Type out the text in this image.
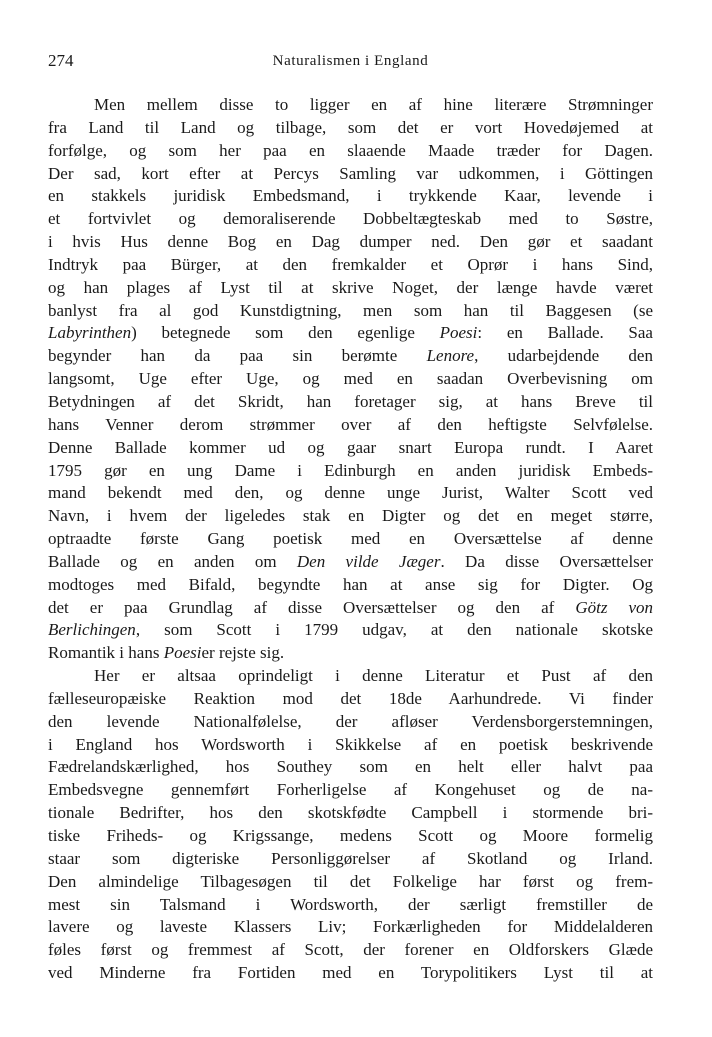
274	Naturalismen i England
Men mellem disse to ligger en af hine literære Strømninger
fra Land til Land og tilbage, som det er vort Hovedøjemed at
forfølge, og som her paa en slaaende Maade træder for Dagen.
Der sad, kort efter at Percys Samling var udkommen, i Göttingen
en stakkels juridisk Embedsmand, i trykkende Kaar, levende i
et fortvivlet og demoraliserende Dobbeltægteskab med to Søstre,
i hvis Hus denne Bog en Dag dumper ned. Den gør et saadant
Indtryk paa Bürger, at den fremkalder et Oprør i hans Sind,
og han plages af Lyst til at skrive Noget, der længe havde været
banlyst fra al god Kunstdigtning, men som han til Baggesen (se
Labyrinthen) betegnede som den egenlige Poesi: en Ballade. Saa
begynder han da paa sin berømte Lenore, udarbejdende den
langsomt, Uge efter Uge, og med en saadan Overbevisning om
Betydningen af det Skridt, han foretager sig, at hans Breve til
hans Venner derom strømmer over af den heftigste Selvfølelse.
Denne Ballade kommer ud og gaar snart Europa rundt. I Aaret
1795 gør en ung Dame i Edinburgh en anden juridisk Embeds-
mand bekendt med den, og denne unge Jurist, Walter Scott ved
Navn, i hvem der ligeledes stak en Digter og det en meget større,
optraadte første Gang poetisk med en Oversættelse af denne
Ballade og en anden om Den vilde Jæger. Da disse Oversættelser
modtoges med Bifald, begyndte han at anse sig for Digter. Og
det er paa Grundlag af disse Oversættelser og den af Götz von
Berlichingen, som Scott i 1799 udgav, at den nationale skotske
Romantik i hans Poesier rejste sig.
Her er altsaa oprindeligt i denne Literatur et Pust af den
fælleseuropæiske Reaktion mod det 18de Aarhundrede. Vi finder
den levende Nationalfølelse, der afløser Verdensborgerstemningen,
i England hos Wordsworth i Skikkelse af en poetisk beskrivende
Fædrelandskærlighed, hos Southey som en helt eller halvt paa
Embedsvegne gennemført Forherligelse af Kongehuset og de na-
tionale Bedrifter, hos den skotskfødte Campbell i stormende bri-
tiske Friheds- og Krigssange, medens Scott og Moore formelig
staar som digteriske Personliggørelser af Skotland og Irland.
Den almindelige Tilbagesøgen til det Folkelige har først og frem-
mest sin Talsmand i Wordsworth, der særligt fremstiller de
lavere og laveste Klassers Liv; Forkærligheden for Middelalderen
føles først og fremmest af Scott, der forener en Oldforskers Glæde
ved Minderne fra Fortiden med en Torypolitikers Lyst til at
